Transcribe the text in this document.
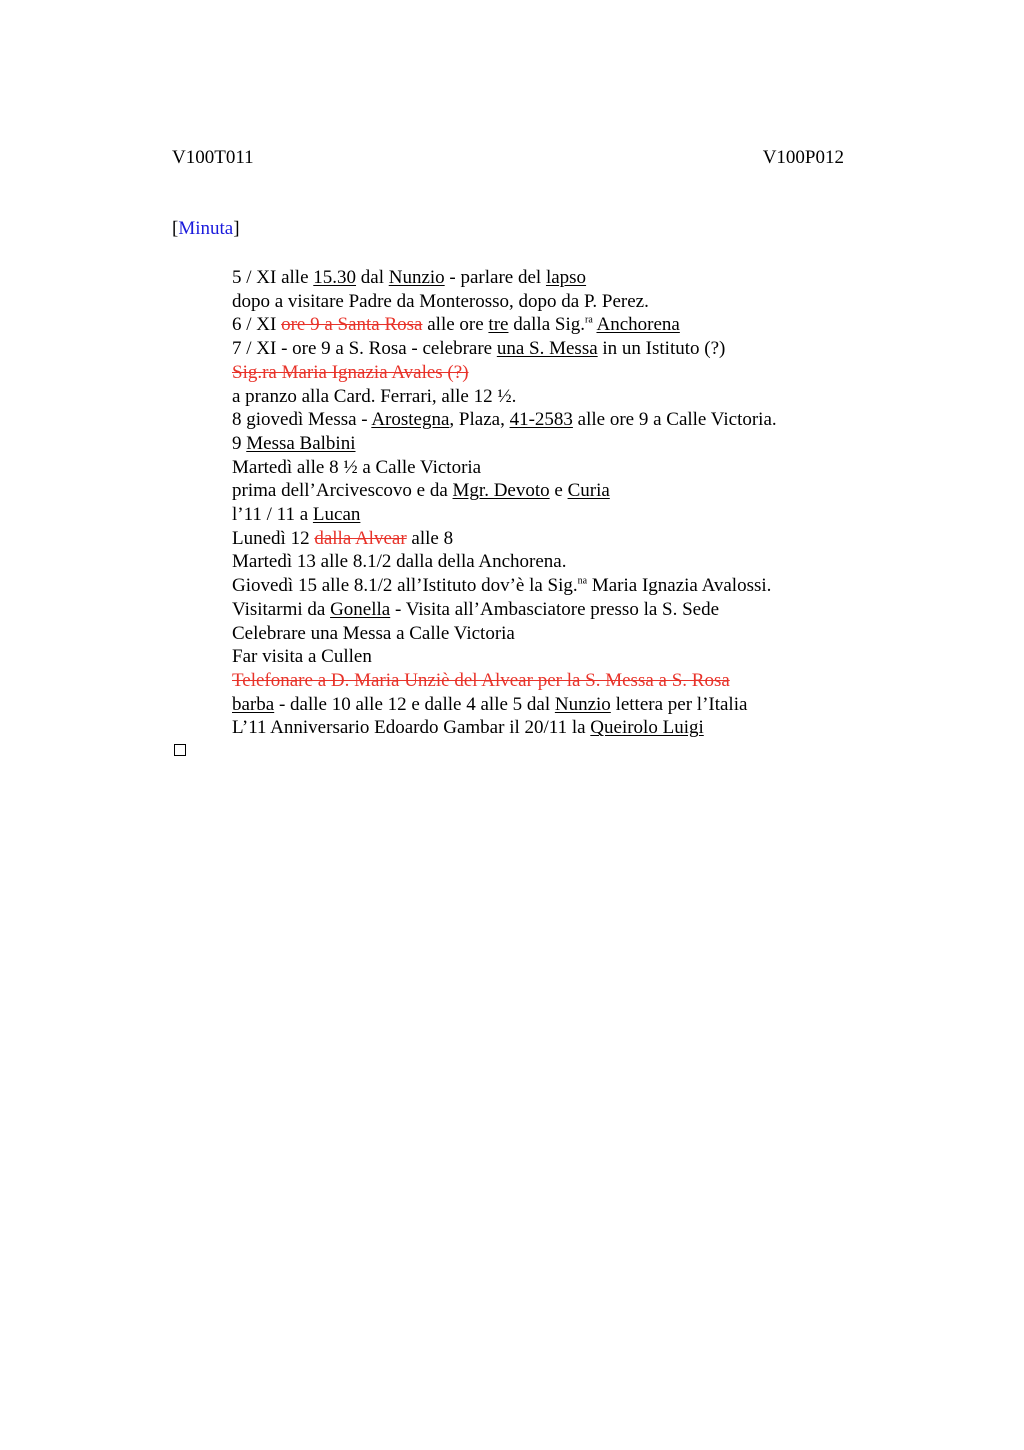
V100T011	V100P012
[Minuta]
5 / XI alle 15.30 dal Nunzio - parlare del lapso
dopo a visitare Padre da Monterosso, dopo da P. Perez.
6 / XI ore 9 a Santa Rosa alle ore tre dalla Sig.$^{ra}$ Anchorena
7 / XI - ore 9 a S. Rosa - celebrare una S. Messa in un Istituto (?)
Sig.ra Maria Ignazia Avales (?)
a pranzo alla Card. Ferrari, alle 12 ½.
8 giovedì Messa - Arostegna, Plaza, 41-2583 alle ore 9 a Calle Victoria.
9 Messa Balbini
Martedì alle 8 ½ a Calle Victoria
prima dell’Arcivescovo e da Mgr. Devoto e Curia
l’11 / 11 a Lucan
Lunedì 12 dalla Alvear alle 8
Martedì 13 alle 8.1/2 dalla della Anchorena.
Giovedì 15 alle 8.1/2 all’Istituto dov’è la Sig.$^{na}$ Maria Ignazia Avalossi.
Visitarmi da Gonella - Visita all’Ambasciatore presso la S. Sede
Celebrare una Messa a Calle Victoria
Far visita a Cullen
Telefonare a D. Maria Unziè del Alvear per la S. Messa a S. Rosa
barba - dalle 10 alle 12 e dalle 4 alle 5 dal Nunzio lettera per l’Italia
L’11 Anniversario Edoardo Gambar il 20/11 la Queirolo Luigi
